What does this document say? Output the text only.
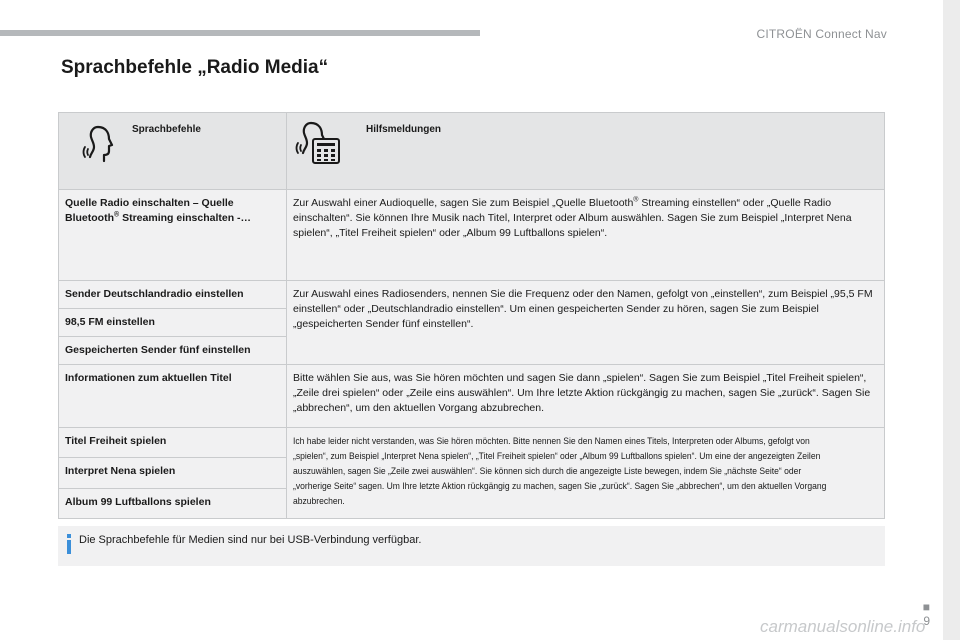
CITROËN Connect Nav
Sprachbefehle „Radio Media“
Sprachbefehle	Hilfsmeldungen

Quelle Radio einschalten – Quelle Bluetooth® Streaming einschalten -…	Zur Auswahl einer Audioquelle, sagen Sie zum Beispiel „Quelle Bluetooth® Streaming einstellen“ oder „Quelle Radio einschalten“. Sie können Ihre Musik nach Titel, Interpret oder Album auswählen. Sagen Sie zum Beispiel „Interpret Nena spielen“, „Titel Freiheit spielen“ oder „Album 99 Luftballons spielen“.
Sender Deutschlandradio einstellen	Zur Auswahl eines Radiosenders, nennen Sie die Frequenz oder den Namen, gefolgt von „einstellen“, zum Beispiel „95,5 FM einstellen“ oder „Deutschlandradio einstellen“. Um einen gespeicherten Sender zu hören, sagen Sie zum Beispiel „gespeicherten Sender fünf einstellen“.
98,5 FM einstellen	
Gespeicherten Sender fünf einstellen	
Informationen zum aktuellen Titel	Bitte wählen Sie aus, was Sie hören möchten und sagen Sie dann „spielen“. Sagen Sie zum Beispiel „Titel Freiheit spielen“, „Zeile drei spielen“ oder „Zeile eins auswählen“. Um Ihre letzte Aktion rückgängig zu machen, sagen Sie „zurück“. Sagen Sie „abbrechen“, um den aktuellen Vorgang abzubrechen.
Titel Freiheit spielen	Ich habe leider nicht verstanden, was Sie hören möchten. Bitte nennen Sie den Namen eines Titels, Interpreten oder Albums, gefolgt von „spielen“, zum Beispiel „Interpret Nena spielen“, „Titel Freiheit spielen“ oder „Album 99 Luftballons spielen“. Um eine der angezeigten Zeilen auszuwählen, sagen Sie „Zeile zwei auswählen“. Sie können sich durch die angezeigte Liste bewegen, indem Sie „nächste Seite“ oder „vorherige Seite“ sagen. Um Ihre letzte Aktion rückgängig zu machen, sagen Sie „zurück“. Sagen Sie „abbrechen“, um den aktuellen Vorgang abzubrechen.

Interpret Nena spielen	
Album 99 Luftballons spielen	
Die Sprachbefehle für Medien sind nur bei USB-Verbindung verfügbar.
■
9
carmanualsonline.info
